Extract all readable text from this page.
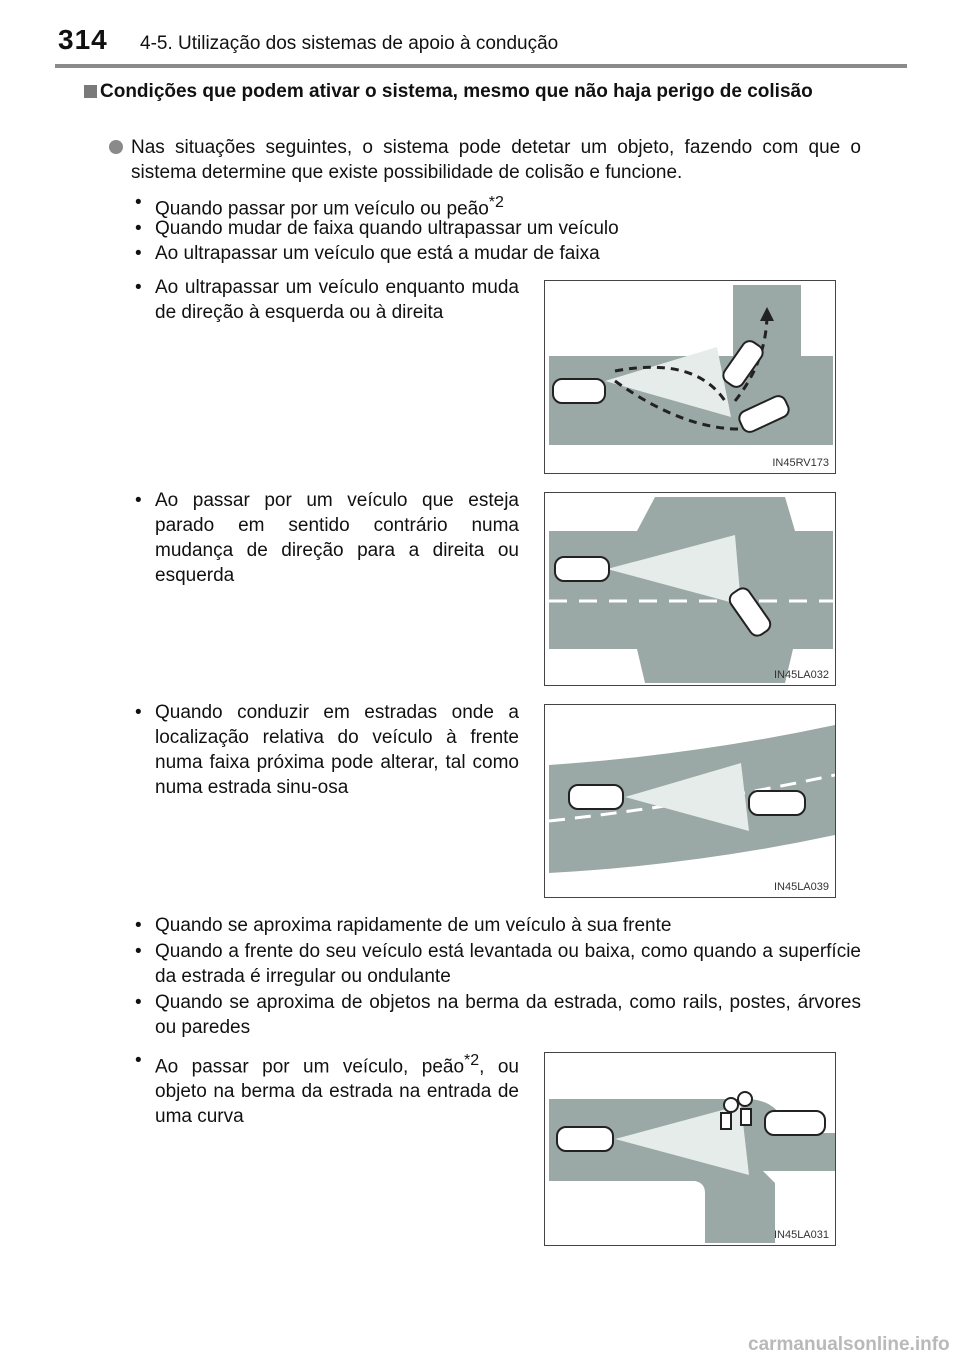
314 4-5. Utilização dos sistemas de apoio à condução
Condições que podem ativar o sistema, mesmo que não haja perigo de colisão
Nas situações seguintes, o sistema pode detetar um objeto, fazendo com que o sistema determine que existe possibilidade de colisão e funcione.
• Quando passar por um veículo ou peão$^{*2}$
• Quando mudar de faixa quando ultrapassar um veículo
• Ao ultrapassar um veículo que está a mudar de faixa
• Ao ultrapassar um veículo enquanto muda de direção à esquerda ou à direita
IN45RV173
• Ao passar por um veículo que esteja parado em sentido contrário numa mudança de direção para a direita ou esquerda
IN45LA032
• Quando conduzir em estradas onde a localização relativa do veículo à frente numa faixa próxima pode alterar, tal como numa estrada sinu-osa
IN45LA039
• Quando se aproxima rapidamente de um veículo à sua frente
• Quando a frente do seu veículo está levantada ou baixa, como quando a superfície da estrada é irregular ou ondulante
• Quando se aproxima de objetos na berma da estrada, como rails, postes, árvores ou paredes
• Ao passar por um veículo, peão$^{*2}$, ou objeto na berma da estrada na entrada de uma curva
IN45LA031
carmanualsonline.info
